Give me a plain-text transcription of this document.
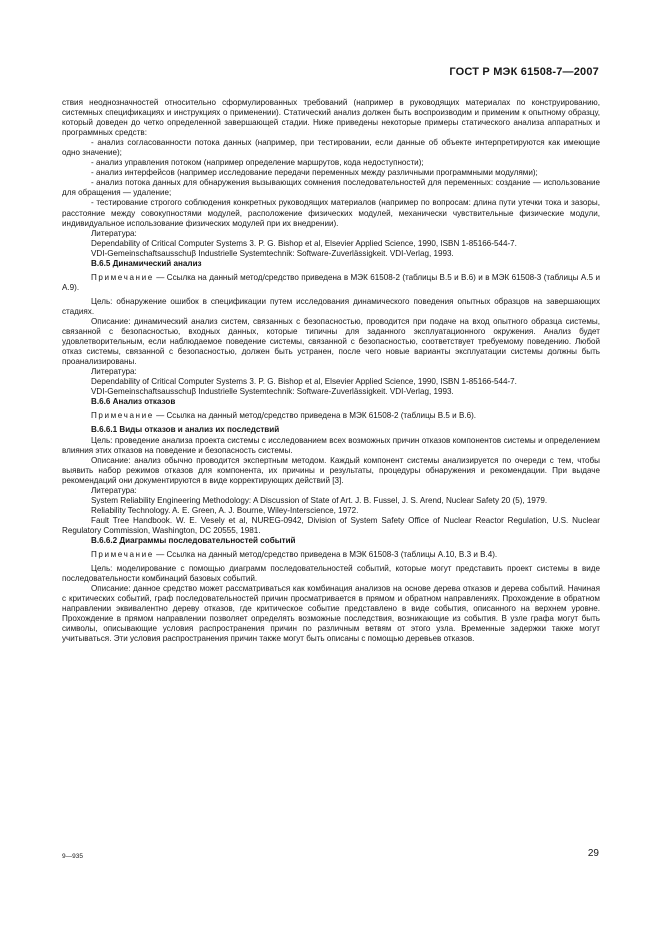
ГОСТ Р МЭК 61508-7—2007

ствия неоднозначностей относительно сформулированных требований (например в руководящих материалах по конструированию, системных спецификациях и инструкциях о применении). Статический анализ должен быть воспроизводим и применим к опытному образцу, который доведен до четко определенной завершающей стадии. Ниже приведены некоторые примеры статического анализа аппаратных и программных средств:

- анализ согласованности потока данных (например, при тестировании, если данные об объекте интерпретируются как имеющие одно значение);

- анализ управления потоком (например определение маршрутов, кода недоступности);

- анализ интерфейсов (например исследование передачи переменных между различными программными модулями);

- анализ потока данных для обнаружения вызывающих сомнения последовательностей для переменных: создание — использование для обращения — удаление;

- тестирование строгого соблюдения конкретных руководящих материалов (например по вопросам: длина пути утечки тока и зазоры, расстояние между совокупностями модулей, расположение физических модулей, механически чувствительные физические модули, индивидуальное использование физических модулей при их внедрении).

Литература:

Dependability of Critical Computer Systems 3. P. G. Bishop et al, Elsevier Applied Science, 1990, ISBN 1-85166-544-7.

VDI-Gemeinschaftsausschuβ Industrielle Systemtechnik: Software-Zuverlässigkeit. VDI-Verlag, 1993.

В.6.5 Динамический анализ

Примечание — Ссылка на данный метод/средство приведена в МЭК 61508-2 (таблицы В.5 и В.6) и в МЭК 61508-3 (таблицы А.5 и А.9).

Цель: обнаружение ошибок в спецификации путем исследования динамического поведения опытных образцов на завершающих стадиях.

Описание: динамический анализ систем, связанных с безопасностью, проводится при подаче на вход опытного образца системы, связанной с безопасностью, входных данных, которые типичны для заданного эксплуатационного окружения. Анализ будет удовлетворительным, если наблюдаемое поведение системы, связанной с безопасностью, соответствует требуемому поведению. Любой отказ системы, связанной с безопасностью, должен быть устранен, после чего новые варианты эксплуатации системы должны быть проанализированы.

Литература:

Dependability of Critical Computer Systems 3. P. G. Bishop et al, Elsevier Applied Science, 1990, ISBN 1-85166-544-7.

VDI-Gemeinschaftsausschuβ Industrielle Systemtechnik: Software-Zuverlässigkeit. VDI-Verlag, 1993.

В.6.6 Анализ отказов

Примечание — Ссылка на данный метод/средство приведена в МЭК 61508-2 (таблицы В.5 и В.6).

В.6.6.1 Виды отказов и анализ их последствий

Цель: проведение анализа проекта системы с исследованием всех возможных причин отказов компонентов системы и определением влияния этих отказов на поведение и безопасность системы.

Описание: анализ обычно проводится экспертным методом. Каждый компонент системы анализируется по очереди с тем, чтобы выявить набор режимов отказов для компонента, их причины и результаты, процедуры обнаружения и рекомендации. При выдаче рекомендаций они документируются в виде корректирующих действий [3].

Литература:

System Reliability Engineering Methodology: A Discussion of State of Art. J. B. Fussel, J. S. Arend, Nuclear Safety 20 (5), 1979.

Reliability Technology. A. E. Green, A. J. Bourne, Wiley-Interscience, 1972.

Fault Tree Handbook. W. E. Vesely et al, NUREG-0942, Division of System Safety Office of Nuclear Reactor Regulation, U.S. Nuclear Regulatory Commission, Washington, DC 20555, 1981.

В.6.6.2 Диаграммы последовательностей событий

Примечание — Ссылка на данный метод/средство приведена в МЭК 61508-3 (таблицы А.10, В.3 и В.4).

Цель: моделирование с помощью диаграмм последовательностей событий, которые могут представить проект системы в виде последовательности комбинаций базовых событий.

Описание: данное средство может рассматриваться как комбинация анализов на основе дерева отказов и дерева событий. Начиная с критических событий, граф последовательностей причин просматривается в прямом и обратном направлениях. Прохождение в обратном направлении эквивалентно дереву отказов, где критическое событие представлено в виде события, описанного на верхнем уровне. Прохождение в прямом направлении позволяет определять возможные последствия, возникающие из события. В узле графа могут быть символы, описывающие условия распространения причин по различным ветвям от этого узла. Временные задержки также могут учитываться. Эти условия распространения причин также могут быть описаны с помощью деревьев отказов.

9—935	29
